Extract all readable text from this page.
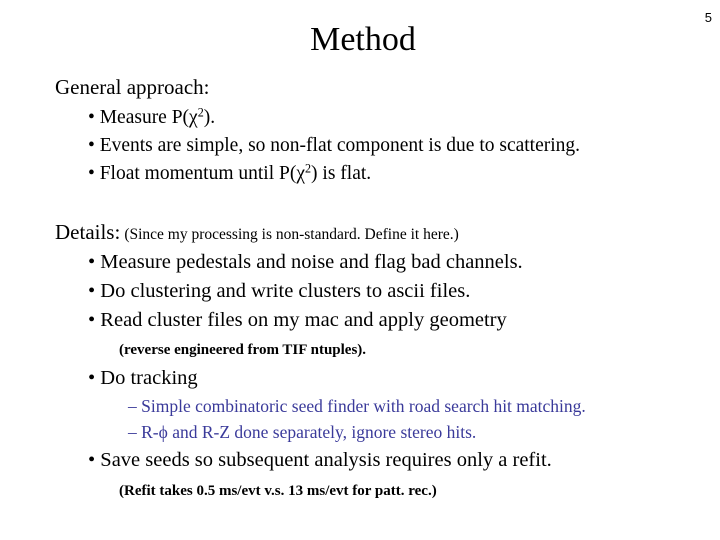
Method
5
General approach:
• Measure $P(\chi^2)$.
• Events are simple, so non-flat component is due to scattering.
• Float momentum until $P(\chi^2)$ is flat.
Details: (Since my processing is non-standard. Define it here.)
• Measure pedestals and noise and flag bad channels.
• Do clustering and write clusters to ascii files.
• Read cluster files on my mac and apply geometry
(reverse engineered from TIF ntuples).
• Do tracking
– Simple combinatoric seed finder with road search hit matching.
– R-ϕ and R-Z done separately, ignore stereo hits.
• Save seeds so subsequent analysis requires only a refit.
(Refit takes 0.5 ms/evt v.s. 13 ms/evt for patt. rec.)
